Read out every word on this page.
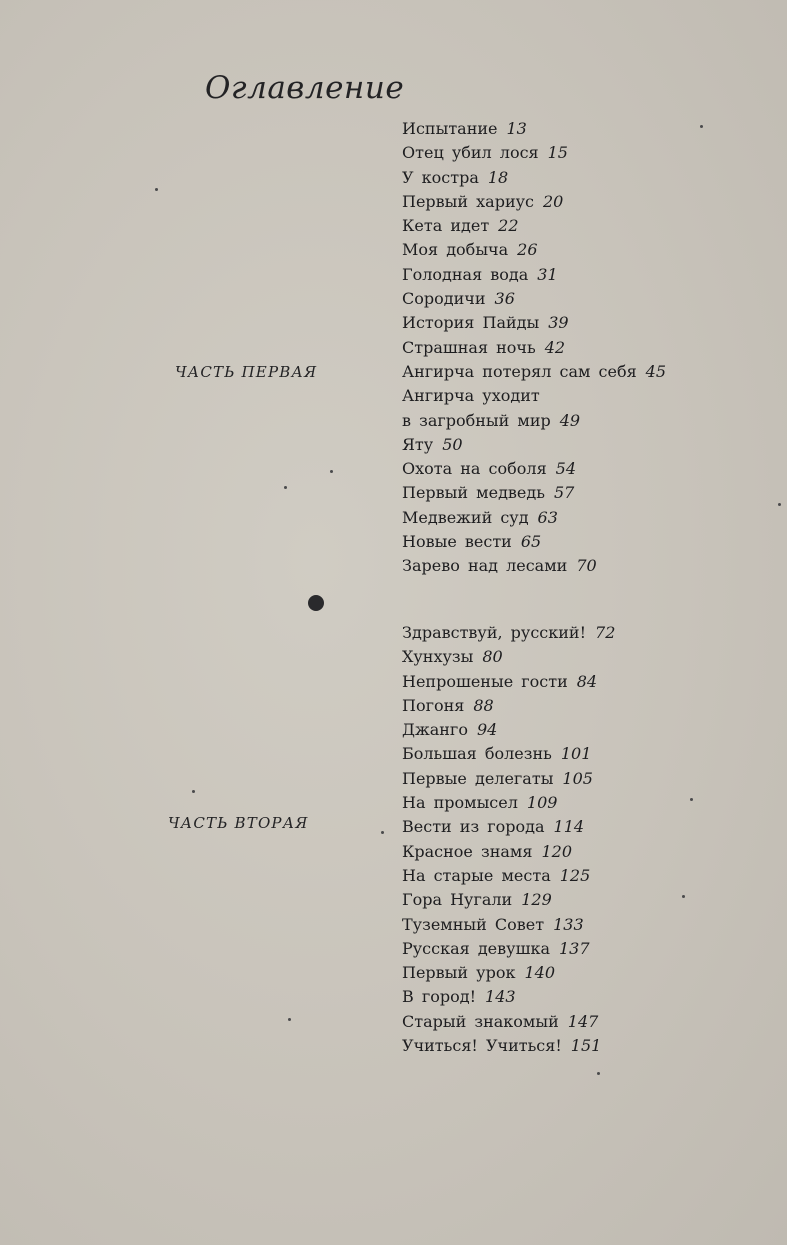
Оглавление
ЧАСТЬ ПЕРВАЯ
Испытание 13
Отец убил лося 15
У костра 18
Первый хариус 20
Кета идет 22
Моя добыча 26
Голодная вода 31
Сородичи 36
История Пайды 39
Страшная ночь 42
Ангирча потерял сам себя 45
Ангирча уходит
в загробный мир 49
Яту 50
Охота на соболя 54
Первый медведь 57
Медвежий суд 63
Новые вести 65
Зарево над лесами 70
ЧАСТЬ ВТОРАЯ
Здравствуй, русский! 72
Хунхузы 80
Непрошеные гости 84
Погоня 88
Джанго 94
Большая болезнь 101
Первые делегаты 105
На промысел 109
Вести из города 114
Красное знамя 120
На старые места 125
Гора Нугали 129
Туземный Совет 133
Русская девушка 137
Первый урок 140
В город! 143
Старый знакомый 147
Учиться! Учиться! 151
